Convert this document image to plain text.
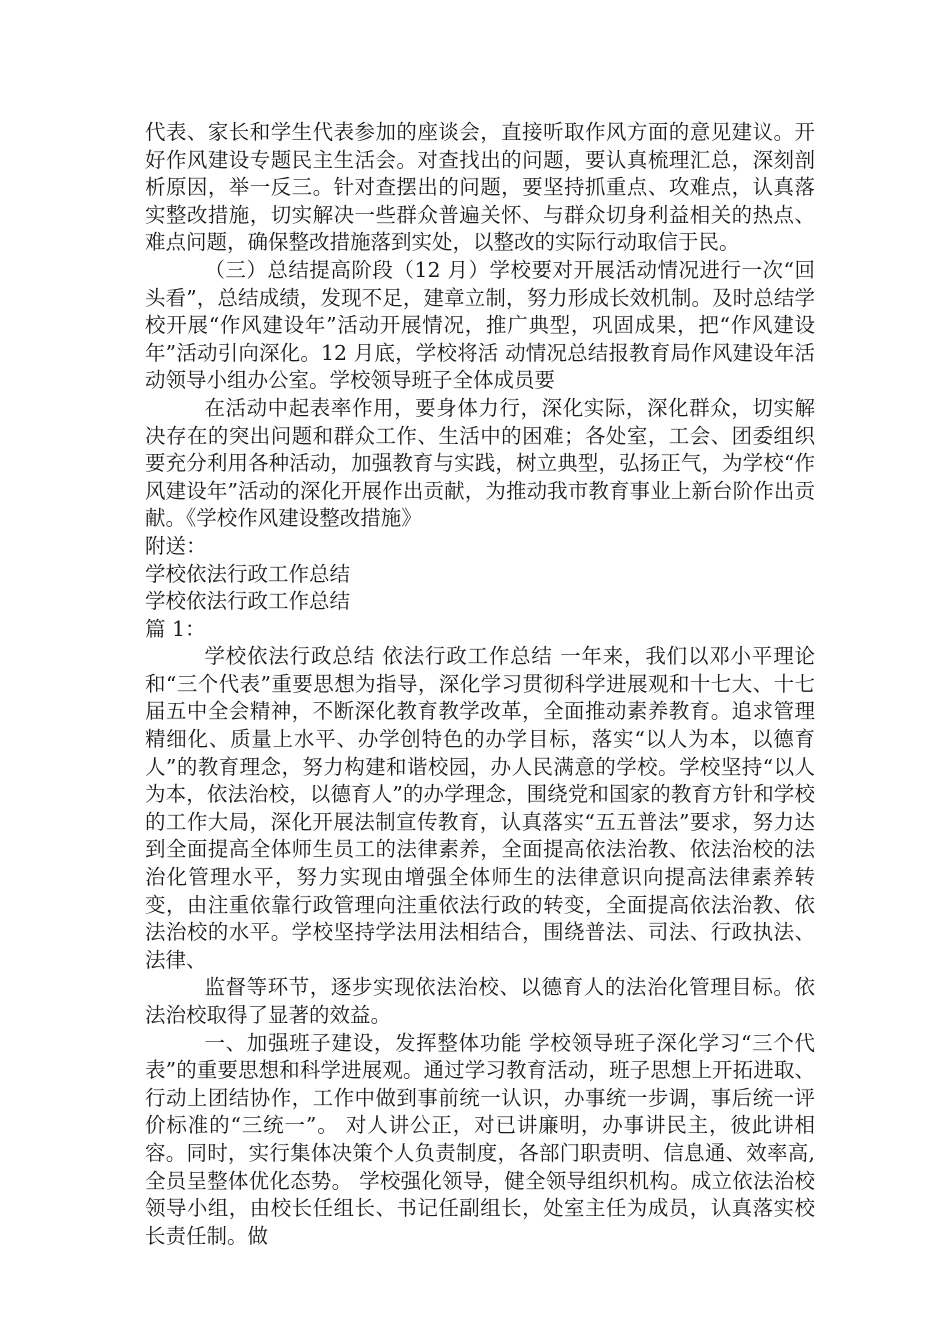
代表、家长和学生代表参加的座谈会，直接听取作风方面的意见建议。开好作风建设专题民主生活会。对查找出的问题，要认真梳理汇总，深刻剖析原因，举一反三。针对查摆出的问题，要坚持抓重点、攻难点，认真落实整改措施，切实解决一些群众普遍关怀、与群众切身利益相关的热点、难点问题，确保整改措施落到实处，以整改的实际行动取信于民。

（三）总结提高阶段（12 月）学校要对开展活动情况进行一次“回头看”，总结成绩，发现不足，建章立制，努力形成长效机制。及时总结学校开展“作风建设年”活动开展情况，推广典型，巩固成果，把“作风建设年”活动引向深化。12 月底，学校将活 动情况总结报教育局作风建设年活动领导小组办公室。学校领导班子全体成员要

在活动中起表率作用，要身体力行，深化实际，深化群众，切实解决存在的突出问题和群众工作、生活中的困难；各处室，工会、团委组织要充分利用各种活动，加强教育与实践，树立典型，弘扬正气，为学校“作风建设年”活动的深化开展作出贡献，为推动我市教育事业上新台阶作出贡献。《学校作风建设整改措施》

附送：

学校依法行政工作总结

学校依法行政工作总结

篇 1：

学校依法行政总结 依法行政工作总结 一年来，我们以邓小平理论和“三个代表”重要思想为指导，深化学习贯彻科学进展观和十七大、十七届五中全会精神，不断深化教育教学改革，全面推动素养教育。追求管理精细化、质量上水平、办学创特色的办学目标，落实“以人为本，以德育人”的教育理念，努力构建和谐校园，办人民满意的学校。学校坚持“以人为本，依法治校，以德育人”的办学理念，围绕党和国家的教育方针和学校的工作大局，深化开展法制宣传教育，认真落实“五五普法”要求，努力达到全面提高全体师生员工的法律素养，全面提高依法治教、依法治校的法治化管理水平，努力实现由增强全体师生的法律意识向提高法律素养转变，由注重依靠行政管理向注重依法行政的转变，全面提高依法治教、依法治校的水平。学校坚持学法用法相结合，围绕普法、司法、行政执法、法律、

监督等环节，逐步实现依法治校、以德育人的法治化管理目标。依法治校取得了显著的效益。

一、加强班子建设，发挥整体功能 学校领导班子深化学习“三个代表”的重要思想和科学进展观。通过学习教育活动，班子思想上开拓进取、行动上团结协作，工作中做到事前统一认识，办事统一步调，事后统一评价标准的“三统一”。 对人讲公正，对已讲廉明，办事讲民主，彼此讲相容。同时，实行集体决策个人负责制度，各部门职责明、信息通、效率高,全员呈整体优化态势。 学校强化领导，健全领导组织机构。成立依法治校领导小组，由校长任组长、书记任副组长，处室主任为成员，认真落实校长责任制。做
